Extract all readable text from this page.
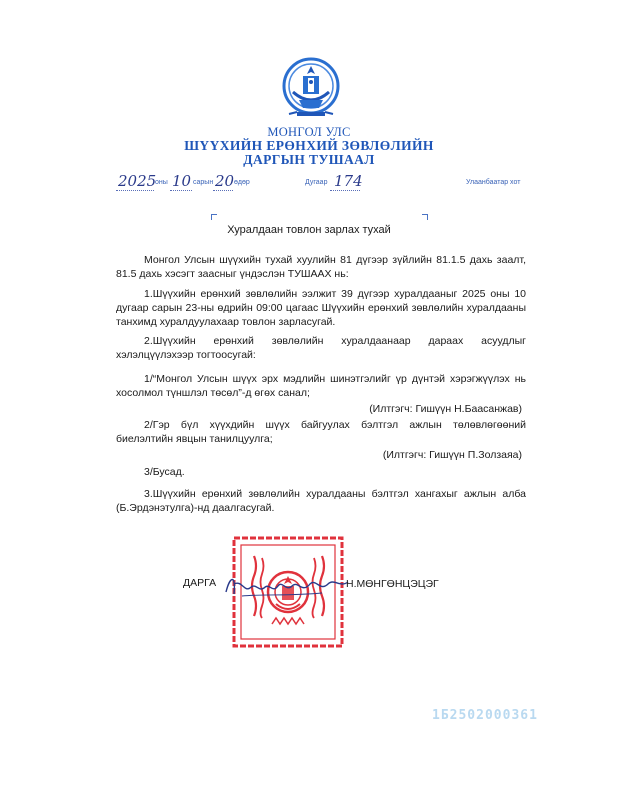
МОНГОЛ УЛС
ШҮҮХИЙН ЕРӨНХИЙ ЗӨВЛӨЛИЙН
ДАРГЫН ТУШААЛ
2025
оны 10 сарын 20 өдөр	Дугаар 174	Улаанбаатар хот
Хуралдаан товлон зарлах тухай
Монгол Улсын шүүхийн тухай хуулийн 81 дүгээр зүйлийн 81.1.5 дахь заалт, 81.5 дахь хэсэгт заасныг үндэслэн ТУШААХ нь:
1.Шүүхийн ерөнхий зөвлөлийн ээлжит 39 дүгээр хуралдааныг 2025 оны 10 дугаар сарын 23-ны өдрийн 09:00 цагаас Шүүхийн ерөнхий зөвлөлийн хуралдааны танхимд хуралдуулахаар товлон зарласугай.
2.Шүүхийн ерөнхий зөвлөлийн хуралдаанаар дараах асуудлыг хэлэлцүүлэхээр тогтоосугай:
1/“Монгол Улсын шүүх эрх мэдлийн шинэтгэлийг үр дүнтэй хэрэгжүүлэх нь хосолмол түншлэл төсөл”-д өгөх санал;
(Илтгэгч: Гишүүн Н.Баасанжав)
2/Гэр бүл хүүхдийн шүүх байгуулах бэлтгэл ажлын төлөвлөгөөний биелэлтийн явцын танилцуулга;
(Илтгэгч: Гишүүн П.Золзаяа)
3/Бусад.
3.Шүүхийн ерөнхий зөвлөлийн хуралдааны бэлтгэл хангахыг ажлын алба (Б.Эрдэнэтулга)-нд даалгасугай.
ДАРГА	Н.МӨНГӨНЦЭЦЭГ
1Б2502000361
